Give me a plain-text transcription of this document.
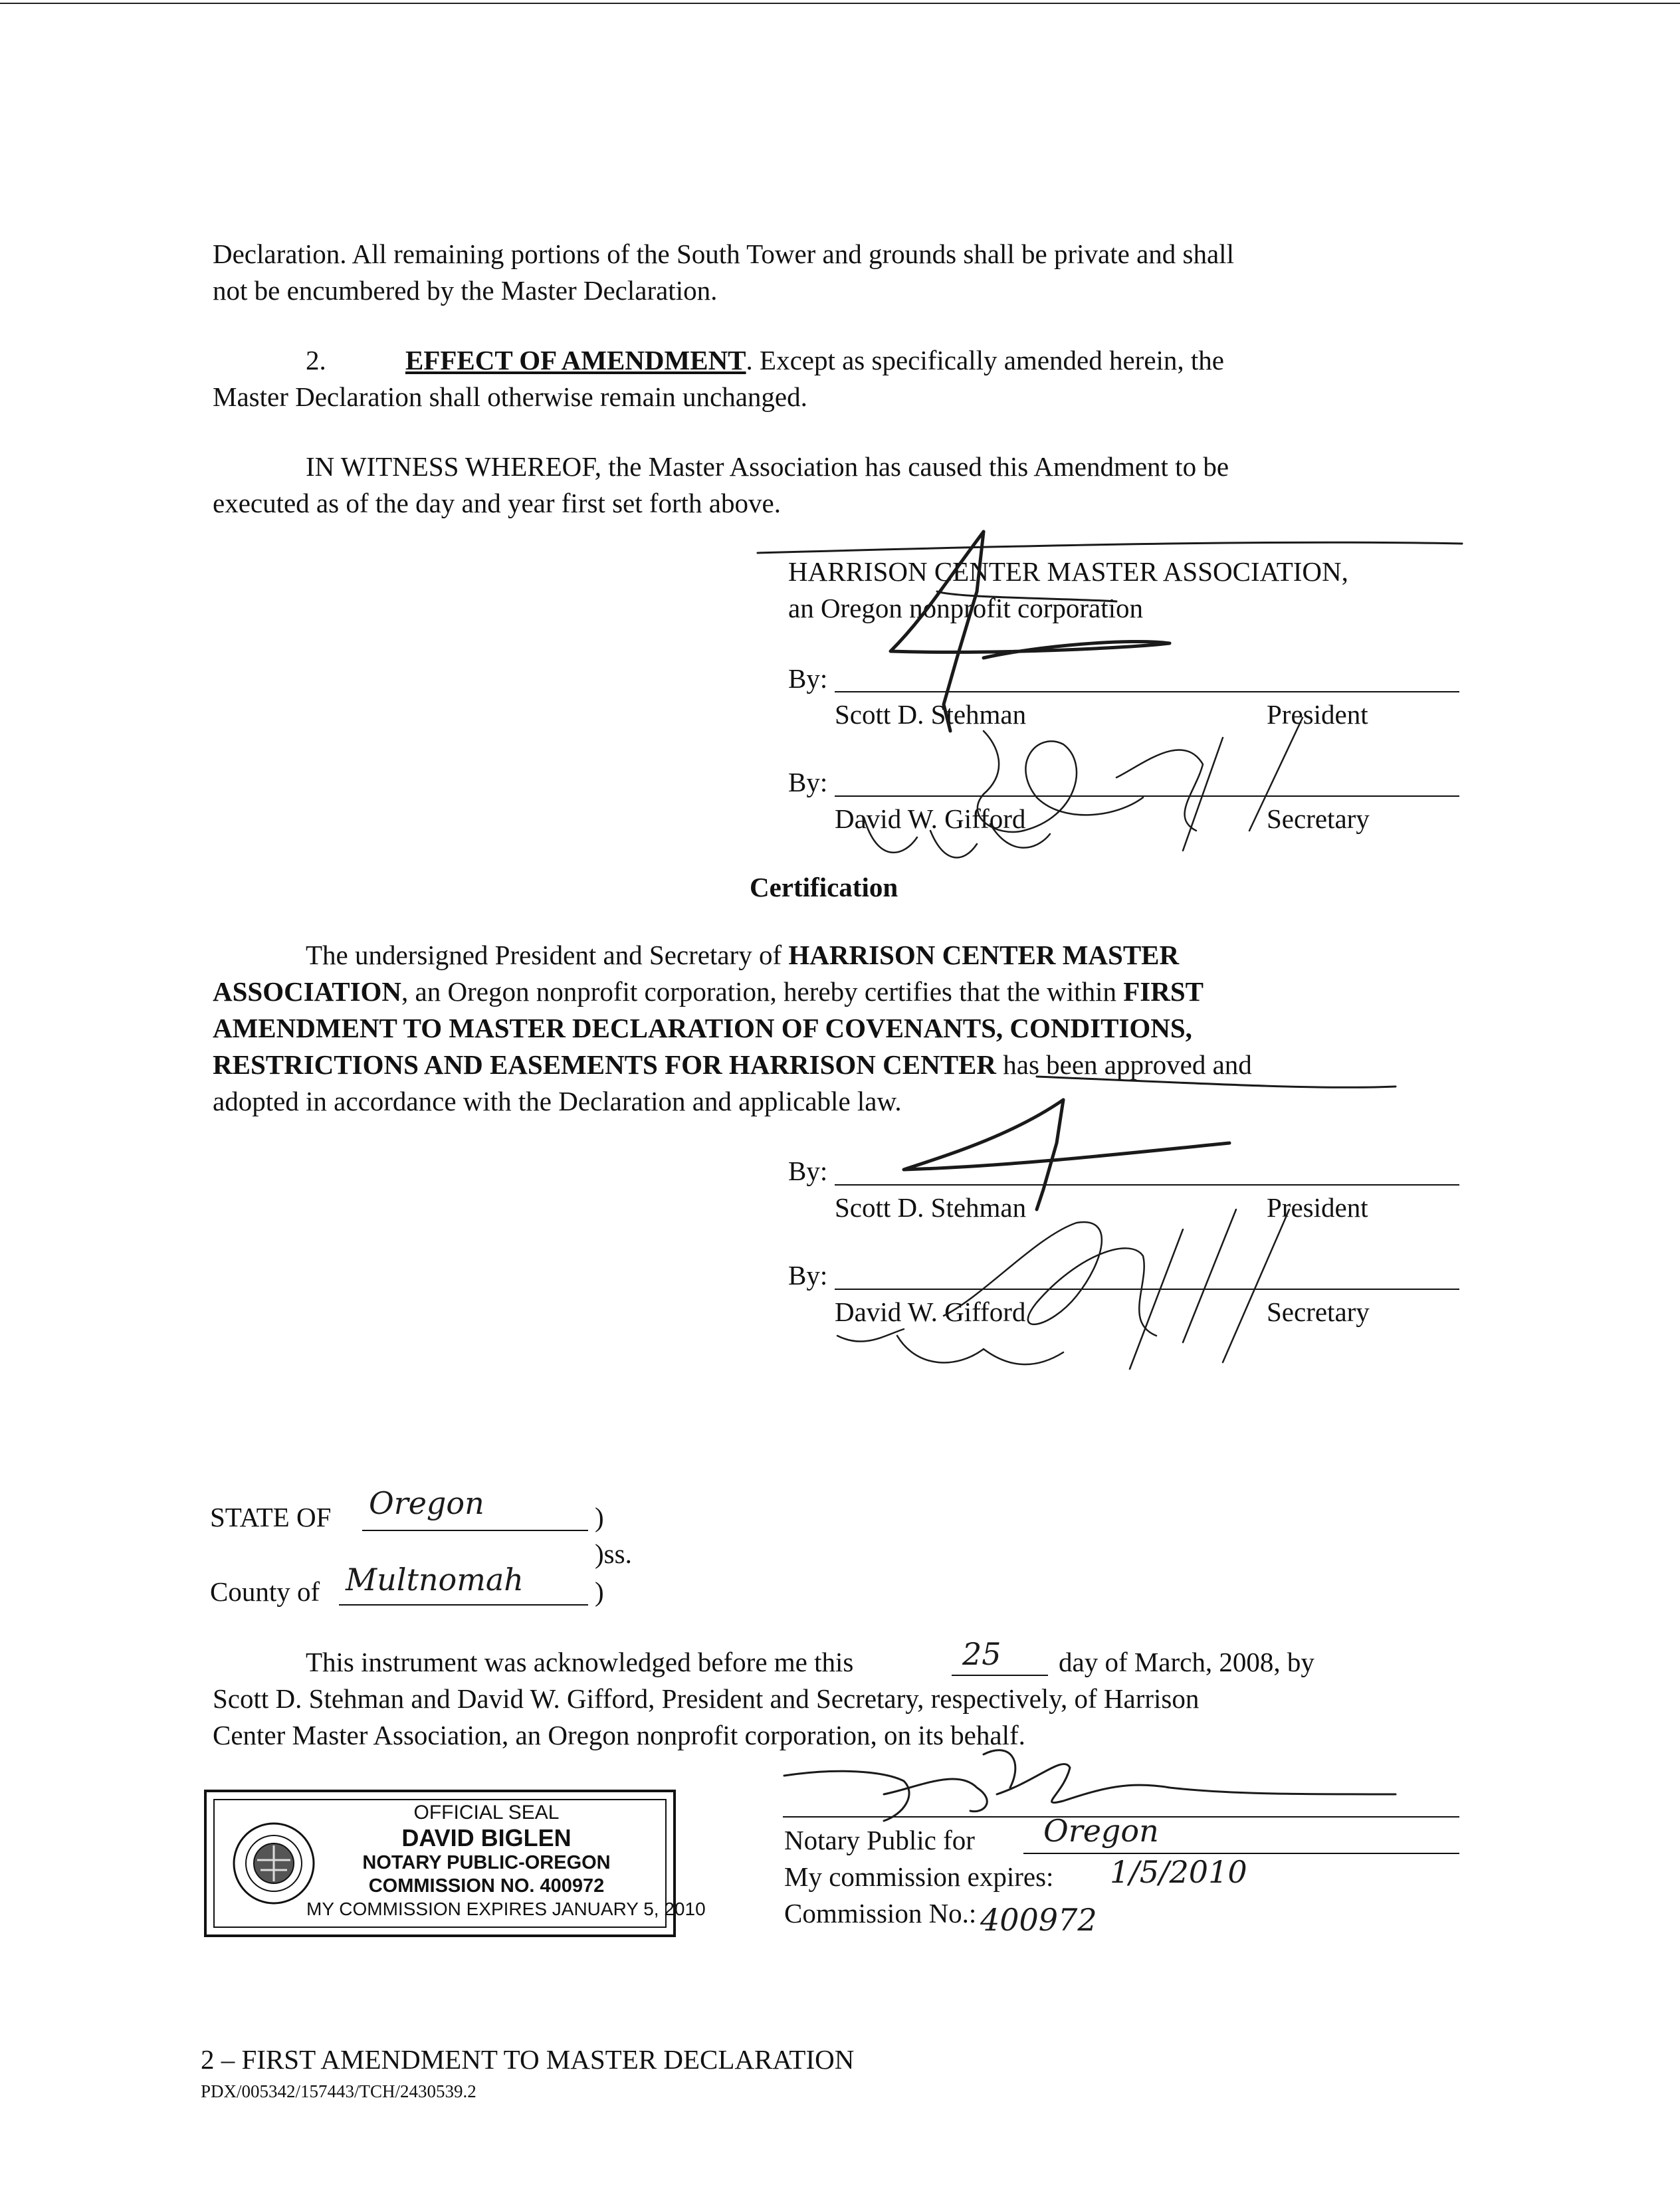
Declaration. All remaining portions of the South Tower and grounds shall be private and shall
not be encumbered by the Master Declaration.
2.	EFFECT OF AMENDMENT. Except as specifically amended herein, the
Master Declaration shall otherwise remain unchanged.
IN WITNESS WHEREOF, the Master Association has caused this Amendment to be
executed as of the day and year first set forth above.
HARRISON CENTER MASTER ASSOCIATION,
an Oregon nonprofit corporation
By:
Scott D. Stehman	President
By:
David W. Gifford	Secretary
Certification
The undersigned President and Secretary of HARRISON CENTER MASTER
ASSOCIATION, an Oregon nonprofit corporation, hereby certifies that the within FIRST
AMENDMENT TO MASTER DECLARATION OF COVENANTS, CONDITIONS,
RESTRICTIONS AND EASEMENTS FOR HARRISON CENTER has been approved and
adopted in accordance with the Declaration and applicable law.
By:
Scott D. Stehman	President
By:
David W. Gifford	Secretary
STATE OF Oregon	)
)ss.
County of Multnomah	)
This instrument was acknowledged before me this	25 day of March, 2008, by
Scott D. Stehman and David W. Gifford, President and Secretary, respectively, of Harrison
Center Master Association, an Oregon nonprofit corporation, on its behalf.
OFFICIAL SEAL
DAVID BIGLEN
NOTARY PUBLIC-OREGON
COMMISSION NO. 400972
MY COMMISSION EXPIRES JANUARY 5, 2010
Notary Public for Oregon
My commission expires: 1/5/2010
Commission No.: 400972
2 – FIRST AMENDMENT TO MASTER DECLARATION
PDX/005342/157443/TCH/2430539.2
